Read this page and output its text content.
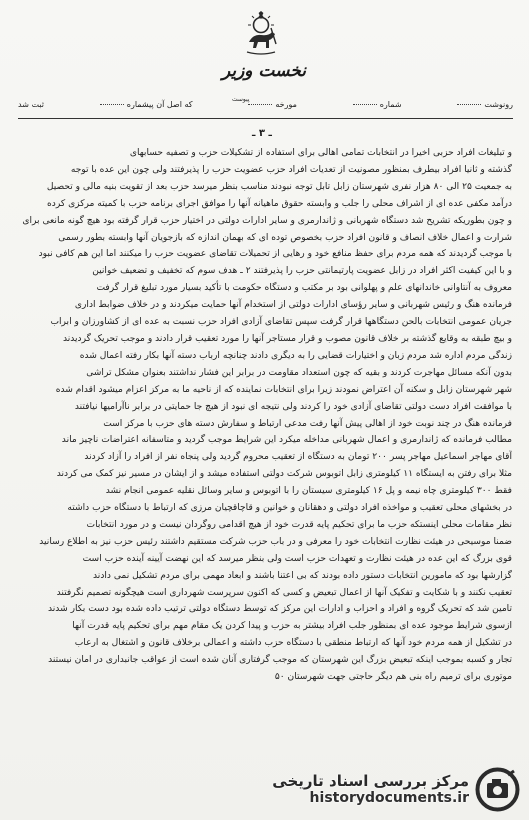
نخست وزیر
رونوشت
شماره
مورخه
که اصل آن پیشماره
ثبت شد	پیوست
ـ ۳ ـ
و تبلیغات افراد حزبی اخیرا در انتخابات تمامی اهالی برای استفاده از تشکیلات حزب و تصفیه حسابهای
گذشته و ثانیا افراد بیطرف بمنظور مصونیت از تعدیات افراد حزب عضویت حزب را پذیرفتند ولی چون این عده با توجه
به جمعیت ۲۵ الی ۸۰ هزار نفری شهرستان زابل تابل توجه نبودند مناسب بنظر میرسد حزب بعد از تقویت بنیه مالی و تحصیل
درآمد مکفی عده ای از اشراف محلی را جلب و وابسته حقوق ماهیانه آنها را موافق اجرای برنامه حزب با کمیته مرکزی کرده
و چون بطوریکه تشریح شد دستگاه شهربانی و ژاندارمری و سایر ادارات دولتی در اختیار حزب قرار گرفته بود هیچ گونه مانعی برای
شرارت و اعمال خلاف انصاف و قانون افراد حزب بخصوص توده ای که بهمان اندازه که بازجویان آنها وابسته بطور رسمی
با موجب گردیدند که همه مردم برای حفظ منافع خود و رهایی از تحمیلات تقاضای عضویت حزب را میکنند اما این هم کافی نبود
و با این کیفیت اکثر افراد در زابل عضویت پارتیمانتی حزب را پذیرفتند ۲ ـ هدف سوم که تخفیف و تضعیف خوانین
معروف به آنتاوانی خاندانهای علم و پهلوانی بود بر مکتب و دستگاه حکومت با تأکید بسیار مورد تبلیغ قرار گرفت
فرمانده هنگ و رئیس شهربانی و سایر رؤسای ادارات دولتی از استخدام آنها حمایت میکردند و در خلاف ضوابط اداری
جریان عمومی انتخابات بالحن دستگاهها قرار گرفت سپس تقاضای آزادی افراد حزب نسبت به عده ای از کشاورزان و ابراب
و بیچ طبقه به وقایع گذشته بر خلاف قانون مصوب و قرار مستاجر آنها را مورد تعقیب قرار دادند و موجب تحریک گردیدند
زندگی مردم اداره شد مردم زبان و اختیارات قضایی را به دیگری دادند چنانچه ارباب دسته آنها بکار رفته اعمال شده
بدون آنکه مسائل مهاجرت کردند و بقیه که چون استعداد مقاومت در برابر این فشار نداشتند بعنوان مشکل تراشی
شهر شهرستان زابل و سکنه آن اعتراض نمودند زیرا برای انتخابات نماینده که از ناحیه ما به مرکز اعزام میشود اقدام شده
با موافقت افراد دست دولتی تقاضای آزادی خود را کردند ولی نتیجه ای نبود از هیچ جا حمایتی در برابر ناآرامیها نیافتند
فرمانده هنگ در چند نوبت خود از اهالی پیش آنها رفت مدعی ارتباط و سفارش دسته های حزب با مرکز است
مطالب فرمانده که ژاندارمری و اعمال شهربانی مداخله میکرد این شرایط موجب گردید و متاسفانه اعتراضات ناچیز ماند
آقای مهاجر اسماعیل مهاجر پسر ۲۰۰ تومان به دستگاه از تعقیب محروم گردید ولی پنجاه نفر از افراد را آزاد کردند
مثلا برای رفتن به ایستگاه ۱۱ کیلومتری زابل اتوبوس شرکت دولتی استفاده میشد و از ایشان در مسیر نیز کمک می کردند
فقط ۳۰۰ کیلومتری چاه نیمه و پل ۱۶ کیلومتری سیستان را با اتوبوس و سایر وسائل نقلیه عمومی انجام نشد
در بخشهای محلی تعقیب و مواخذه افراد دولتی و دهقانان و خوانین و قاچاقچیان مرزی که ارتباط با دستگاه حزب داشته
نظر مقامات محلی اینستکه حزب ما برای تحکیم پایه قدرت خود از هیچ اقدامی روگردان نیست و در مورد انتخابات
ضمنا موسیحی در هیئت نظارت انتخابات خود را معرفی و در باب حزب شرکت مستقیم داشتند رئیس حزب نیز به اطلاع رسانید
قوی بزرگ که این عده در هیئت نظارت و تعهدات حزب است ولی بنظر میرسد که این نهضت آیینه آینده حزب است
گزارشها بود که مامورین انتخابات دستور داده بودند که بی اعتنا باشند و ابعاد مهمی برای مردم تشکیل نمی دادند
تعقیب نکنند و با شکایت و تفکیک آنها از اعمال تبعیض و کسی که اکنون سرپرست شهرداری است هیچگونه تصمیم نگرفتند
تامین شد که تحریک گروه و افراد و احزاب و ادارات این مرکز که توسط دستگاه دولتی ترتیب داده شده بود دست بکار شدند
ازسوی شرایط موجود عده ای بمنظور جلب افراد بیشتر به حزب و پیدا کردن یک مقام مهم برای تحکیم پایه قدرت آنها
در تشکیل از همه مردم خود آنها که ارتباط منطقی با دستگاه حزب داشته و اعمالی برخلاف قانون و اشتغال به ارعاب
تجار و کسبه بموجب اینکه تبعیض بزرگ این شهرستان که موجب گرفتاری آنان شده است از عواقب جانبداری در امان نیستند
موتوری برای ترمیم راه بنی هم دیگر حاجتی جهت شهرستان ۵۰
مرکز بررسی اسناد تاریخی
historydocuments.ir
